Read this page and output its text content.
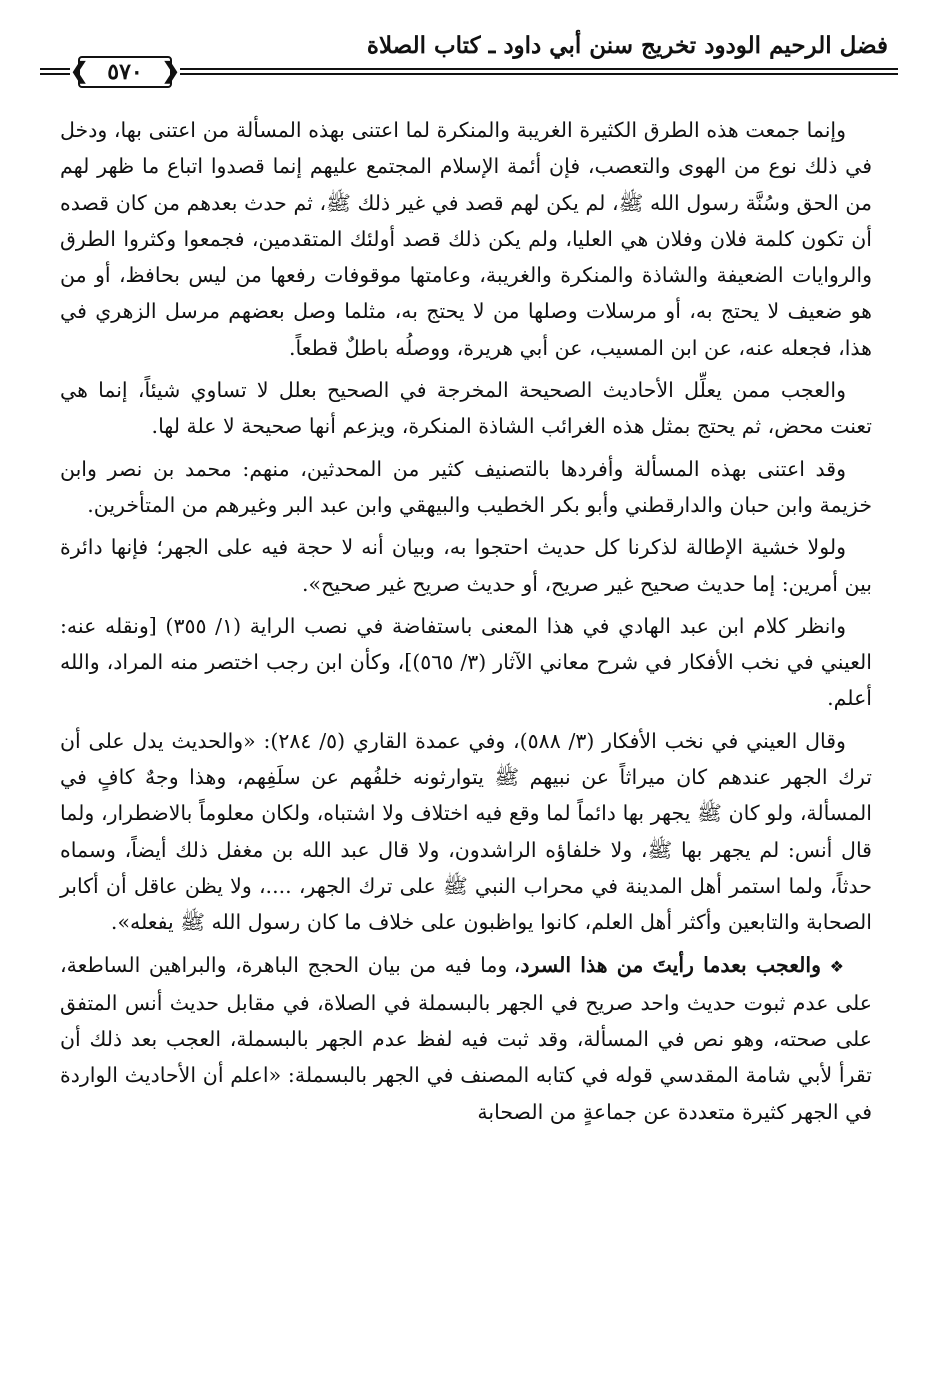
فضل الرحيم الودود تخريج سنن أبي داود ـ كتاب الصلاة
❮ ٥٧٠ ❯

وإنما جمعت هذه الطرق الكثيرة الغريبة والمنكرة لما اعتنى بهذه المسألة من اعتنى بها، ودخل في ذلك نوع من الهوى والتعصب، فإن أئمة الإسلام المجتمع عليهم إنما قصدوا اتباع ما ظهر لهم من الحق وسُنَّة رسول الله ﷺ، لم يكن لهم قصد في غير ذلك ﷺ، ثم حدث بعدهم من كان قصده أن تكون كلمة فلان وفلان هي العليا، ولم يكن ذلك قصد أولئك المتقدمين، فجمعوا وكثروا الطرق والروايات الضعيفة والشاذة والمنكرة والغريبة، وعامتها موقوفات رفعها من ليس بحافظ، أو من هو ضعيف لا يحتج به، أو مرسلات وصلها من لا يحتج به، مثلما وصل بعضهم مرسل الزهري في هذا، فجعله عنه، عن ابن المسيب، عن أبي هريرة، ووصلُه باطلٌ قطعاً.

والعجب ممن يعلِّل الأحاديث الصحيحة المخرجة في الصحيح بعلل لا تساوي شيئاً، إنما هي تعنت محض، ثم يحتج بمثل هذه الغرائب الشاذة المنكرة، ويزعم أنها صحيحة لا علة لها.

وقد اعتنى بهذه المسألة وأفردها بالتصنيف كثير من المحدثين، منهم: محمد بن نصر وابن خزيمة وابن حبان والدارقطني وأبو بكر الخطيب والبيهقي وابن عبد البر وغيرهم من المتأخرين.

ولولا خشية الإطالة لذكرنا كل حديث احتجوا به، وبيان أنه لا حجة فيه على الجهر؛ فإنها دائرة بين أمرين: إما حديث صحيح غير صريح، أو حديث صريح غير صحيح».

وانظر كلام ابن عبد الهادي في هذا المعنى باستفاضة في نصب الراية (١/ ٣٥٥) [ونقله عنه: العيني في نخب الأفكار في شرح معاني الآثار (٣/ ٥٦٥)]، وكأن ابن رجب اختصر منه المراد، والله أعلم.

وقال العيني في نخب الأفكار (٣/ ٥٨٨)، وفي عمدة القاري (٥/ ٢٨٤): «والحديث يدل على أن ترك الجهر عندهم كان ميراثاً عن نبيهم ﷺ يتوارثونه خلفُهم عن سلَفِهم، وهذا وجهٌ كافٍ في المسألة، ولو كان ﷺ يجهر بها دائماً لما وقع فيه اختلاف ولا اشتباه، ولكان معلوماً بالاضطرار، ولما قال أنس: لم يجهر بها ﷺ، ولا خلفاؤه الراشدون، ولا قال عبد الله بن مغفل ذلك أيضاً، وسماه حدثاً، ولما استمر أهل المدينة في محراب النبي ﷺ على ترك الجهر، ....، ولا يظن عاقل أن أكابر الصحابة والتابعين وأكثر أهل العلم، كانوا يواظبون على خلاف ما كان رسول الله ﷺ يفعله».

❖ والعجب بعدما رأيتَ من هذا السرد، وما فيه من بيان الحجج الباهرة، والبراهين الساطعة، على عدم ثبوت حديث واحد صريح في الجهر بالبسملة في الصلاة، في مقابل حديث أنس المتفق على صحته، وهو نص في المسألة، وقد ثبت فيه لفظ عدم الجهر بالبسملة، العجب بعد ذلك أن تقرأ لأبي شامة المقدسي قوله في كتابه المصنف في الجهر بالبسملة: «اعلم أن الأحاديث الواردة في الجهر كثيرة متعددة عن جماعةٍ من الصحابة
